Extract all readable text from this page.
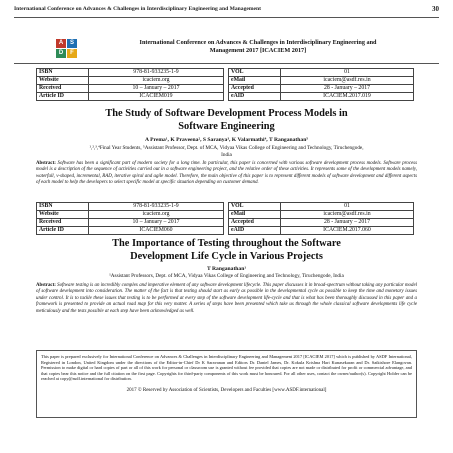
International Conference on Advances & Challenges in Interdisciplinary Engineering and Management	30
A	S
D	F
International Conference on Advances & Challenges in Interdisciplinary Engineering and
Management 2017 [ICACIEM 2017]
ISBN	978-81-933235-1-9		VOL	01
Website	icaciem.org		eMail	icaciem@asdf.res.in
Received	10 – January – 2017		Accepted	28 - January – 2017
Article ID	ICACIEM019		eAID	ICACIEM.2017.019
The Study of Software Development Process Models in
Software Engineering
A Prema¹, K Praveena², S Saranya³, K Valarmathi⁴, T Ranganathan⁵
¹,²,³,⁴Final Year Students, ⁵Assistant Professor, Dept. of MCA, Vidyaa Vikas College of Engineering and Technology, Tiruchengode,
India
Abstract: Software has been a significant part of modern society for a long time. In particular, this paper is concerned with various software development process models. Software process model is a description of the sequence of activities carried out in a software engineering project, and the relative order of these activities. It represents some of the development models namely, waterfall, v-shaped, incremental, RAD, iterative spiral and agile model. Therefore, the main objective of this paper is to represent different models of software development and different aspects of each model to help the developers to select specific model at specific situation depending on customer demand.
ISBN	978-81-933235-1-9		VOL	01
Website	icaciem.org		eMail	icaciem@asdf.res.in
Received	10 – January – 2017		Accepted	28 - January – 2017
Article ID	ICACIEM060		eAID	ICACIEM.2017.060
The Importance of Testing throughout the Software
Development Life Cycle in Various Projects
T Ranganathan¹
¹Assistant Professors, Dept. of MCA, Vidyaa Vikas College of Engineering and Technology, Tiruchengode, India
Abstract: Software testing is an incredibly complex and imperative element of any software development lifecycle. This paper discusses it in broad-spectrum without taking any particular model of software development into consideration. The matter of the fact is that testing should start as early as possible in the developmental cycle as possible to keep the time and monetary issues under control. It is to tackle these issues that testing is to be performed at every step of the software development life-cycle and that is what has been thoroughly discussed in this paper and a framework is presented to provide an actual road map for this very matter. A series of steps have been presented which take us through the whole classical software developments life cycle meticulously and the tests possible at each step have been acknowledged as well.
This paper is prepared exclusively for International Conference on Advances & Challenges in Interdisciplinary Engineering and Management 2017 [ICACIEM 2017] which is published by ASDF International, Registered in London, United Kingdom under the directions of the Editor-in-Chief Dr K Saravanan and Editors Dr. Daniel James, Dr. Kokula Krishna Hari Kunasekaran and Dr. Saikishore Elangovan. Permission to make digital or hard copies of part or all of this work for personal or classroom use is granted without fee provided that copies are not made or distributed for profit or commercial advantage, and that copies bear this notice and the full citation on the first page. Copyrights for third-party components of this work must be honoured. For all other uses, contact the owner/author(s). Copyright Holder can be reached at copy@asdf.international for distribution.
2017 © Reserved by Association of Scientists, Developers and Faculties [www.ASDF.international]
